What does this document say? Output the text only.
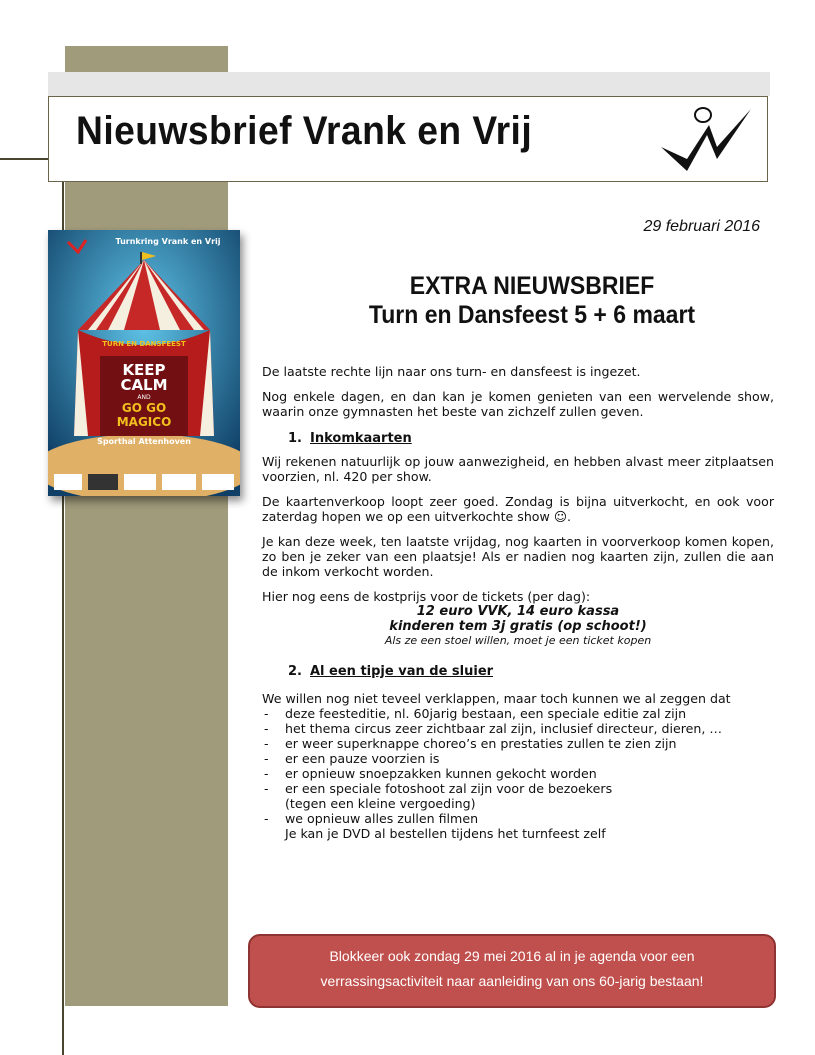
Nieuwsbrief Vrank en Vrij
TURN EN DANSFEEST
KEEP
CALM
AND
GO GO
MAGICO
Sporthal Attenhoven
Turnkring Vrank en Vrij
29 februari 2016
EXTRA NIEUWSBRIEF
Turn en Dansfeest 5 + 6 maart

De laatste rechte lijn naar ons turn- en dansfeest is ingezet.

Nog enkele dagen, en dan kan je komen genieten van een wervelende show, waarin onze gymnasten het beste van zichzelf zullen geven.

1. Inkomkaarten

Wij rekenen natuurlijk op jouw aanwezigheid, en hebben alvast meer zitplaatsen voorzien, nl. 420 per show.

De kaartenverkoop loopt zeer goed. Zondag is bijna uitverkocht, en ook voor zaterdag hopen we op een uitverkochte show ☺.

Je kan deze week, ten laatste vrijdag, nog kaarten in voorverkoop komen kopen, zo ben je zeker van een plaatsje! Als er nadien nog kaarten zijn, zullen die aan de inkom verkocht worden.

Hier nog eens de kostprijs voor de tickets (per dag):
12 euro VVK, 14 euro kassa
kinderen tem 3j gratis (op schoot!)
Als ze een stoel willen, moet je een ticket kopen
2. Al een tipje van de sluier
We willen nog niet teveel verklappen, maar toch kunnen we al zeggen dat
- deze feesteditie, nl. 60jarig bestaan, een speciale editie zal zijn
- het thema circus zeer zichtbaar zal zijn, inclusief directeur, dieren, …
- er weer superknappe choreo’s en prestaties zullen te zien zijn
- er een pauze voorzien is
- er opnieuw snoepzakken kunnen gekocht worden
- er een speciale fotoshoot zal zijn voor de bezoekers
(tegen een kleine vergoeding)
- we opnieuw alles zullen filmen
Je kan je DVD al bestellen tijdens het turnfeest zelf
Blokkeer ook zondag 29 mei 2016 al in je agenda voor een
verrassingsactiviteit naar aanleiding van ons 60-jarig bestaan!
